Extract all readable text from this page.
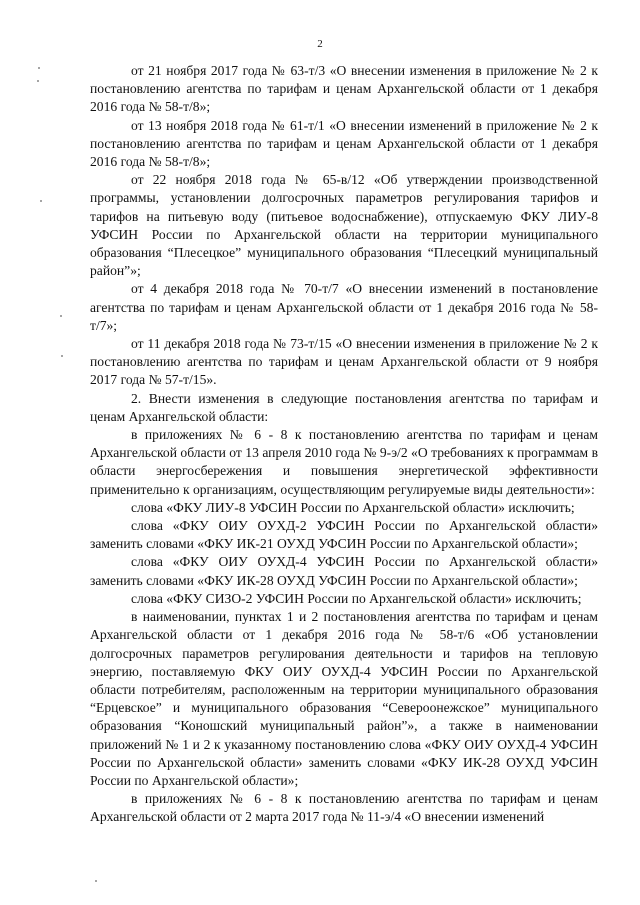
2

от 21 ноября 2017 года № 63-т/3 «О внесении изменения в приложение № 2 к постановлению агентства по тарифам и ценам Архангельской области от 1 декабря 2016 года № 58-т/8»;

от 13 ноября 2018 года № 61-т/1 «О внесении изменений в приложение № 2 к постановлению агентства по тарифам и ценам Архангельской области от 1 декабря 2016 года № 58-т/8»;

от 22 ноября 2018 года № 65-в/12 «Об утверждении производственной программы, установлении долгосрочных параметров регулирования тарифов и тарифов на питьевую воду (питьевое водоснабжение), отпускаемую ФКУ ЛИУ-8 УФСИН России по Архангельской области на территории муниципального образования “Плесецкое” муниципального образования “Плесецкий муниципальный район”»;

от 4 декабря 2018 года № 70-т/7 «О внесении изменений в постановление агентства по тарифам и ценам Архангельской области от 1 декабря 2016 года № 58-т/7»;

от 11 декабря 2018 года № 73-т/15 «О внесении изменения в приложение № 2 к постановлению агентства по тарифам и ценам Архангельской области от 9 ноября 2017 года № 57-т/15».

2. Внести изменения в следующие постановления агентства по тарифам и ценам Архангельской области:

в приложениях № 6 - 8 к постановлению агентства по тарифам и ценам Архангельской области от 13 апреля 2010 года № 9-э/2 «О требованиях к программам в области энергосбережения и повышения энергетической эффективности применительно к организациям, осуществляющим регулируемые виды деятельности»:

слова «ФКУ ЛИУ-8 УФСИН России по Архангельской области» исключить;

слова «ФКУ ОИУ ОУХД-2 УФСИН России по Архангельской области» заменить словами «ФКУ ИК-21 ОУХД УФСИН России по Архангельской области»;

слова «ФКУ ОИУ ОУХД-4 УФСИН России по Архангельской области» заменить словами «ФКУ ИК-28 ОУХД УФСИН России по Архангельской области»;

слова «ФКУ СИЗО-2 УФСИН России по Архангельской области» исключить;

в наименовании, пунктах 1 и 2 постановления агентства по тарифам и ценам Архангельской области от 1 декабря 2016 года № 58-т/6 «Об установлении долгосрочных параметров регулирования деятельности и тарифов на тепловую энергию, поставляемую ФКУ ОИУ ОУХД-4 УФСИН России по Архангельской области потребителям, расположенным на территории муниципального образования “Ерцевское” и муниципального образования “Североонежское” муниципального образования “Коношский муниципальный район”», а также в наименовании приложений № 1 и 2 к указанному постановлению слова «ФКУ ОИУ ОУХД-4 УФСИН России по Архангельской области» заменить словами «ФКУ ИК-28 ОУХД УФСИН России по Архангельской области»;

в приложениях № 6 - 8 к постановлению агентства по тарифам и ценам Архангельской области от 2 марта 2017 года № 11-э/4 «О внесении изменений
